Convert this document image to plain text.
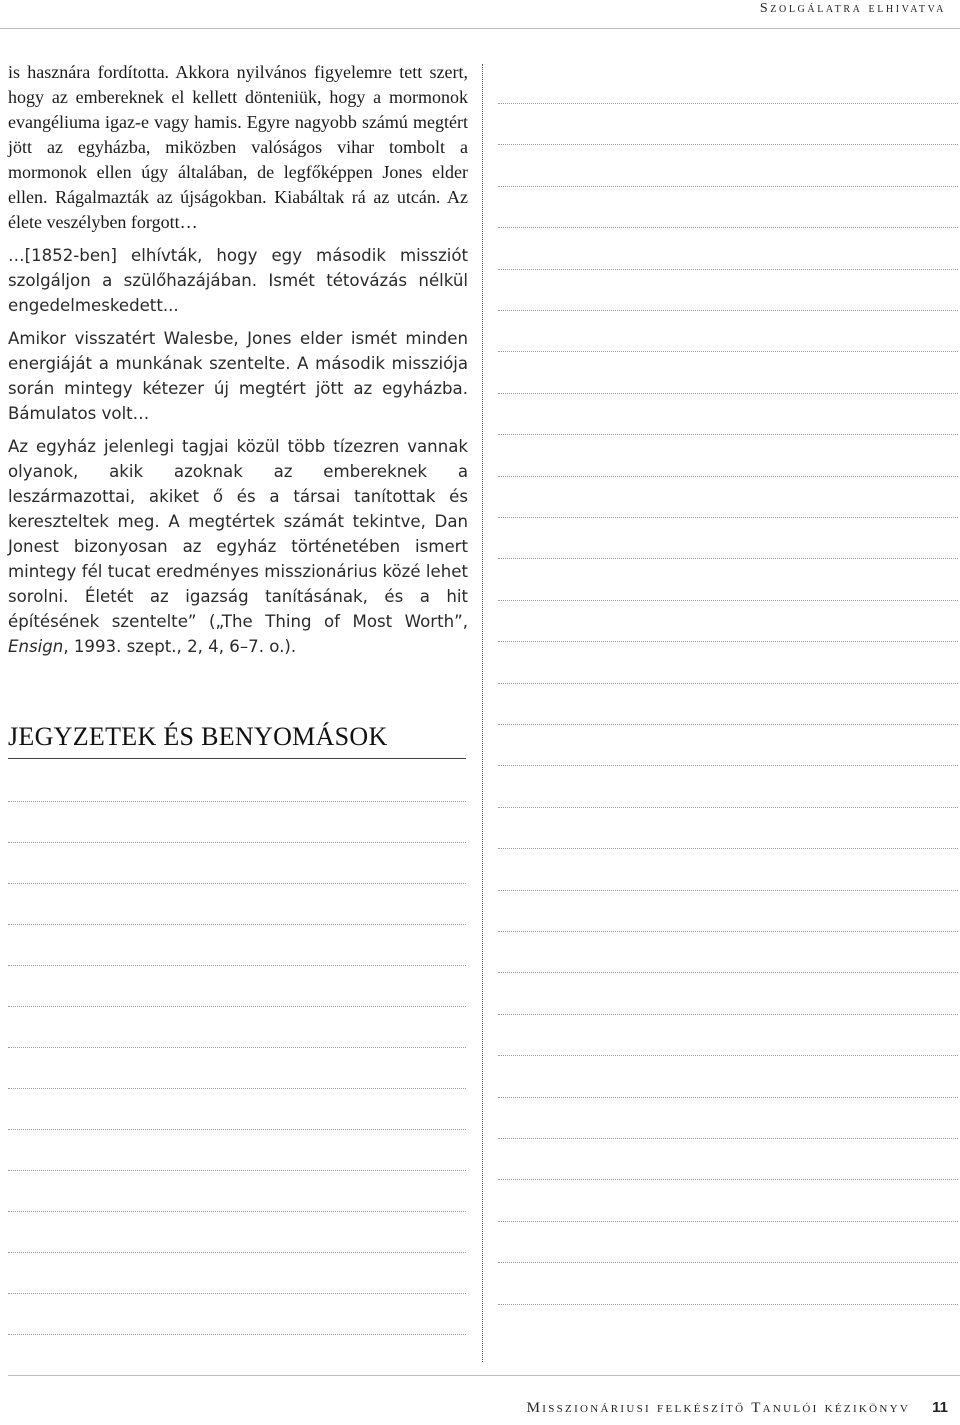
Szolgálatra elhivatva

is hasznára fordította. Akkora nyilvános figyelemre tett szert, hogy az embereknek el kellett dönteniük, hogy a mormonok evangéliuma igaz-e vagy hamis. Egyre nagyobb számú megtért jött az egyházba, miközben valóságos vihar tombolt a mormonok ellen úgy általában, de legfőképpen Jones elder ellen. Rágalmazták az újságokban. Kiabáltak rá az utcán. Az élete veszélyben forgott…

…[1852-ben] elhívták, hogy egy második missziót szolgáljon a szülőhazájában. Ismét tétovázás nélkül engedelmeskedett...

Amikor visszatért Walesbe, Jones elder ismét minden energiáját a munkának szentelte. A második missziója során mintegy kétezer új megtért jött az egyházba. Bámulatos volt…

Az egyház jelenlegi tagjai közül több tízezren vannak olyanok, akik azoknak az embereknek a leszármazottai, akiket ő és a társai tanítottak és kereszteltek meg. A megtértek számát tekintve, Dan Jonest bizonyosan az egyház történetében ismert mintegy fél tucat eredményes misszionárius közé lehet sorolni. Életét az igazság tanításának, és a hit építésének szentelte” („The Thing of Most Worth”, Ensign, 1993. szept., 2, 4, 6–7. o.).

JEGYZETEK ÉS BENYOMÁSOK
Misszionáriusi felkészítő Tanulói kézikönyv 11
